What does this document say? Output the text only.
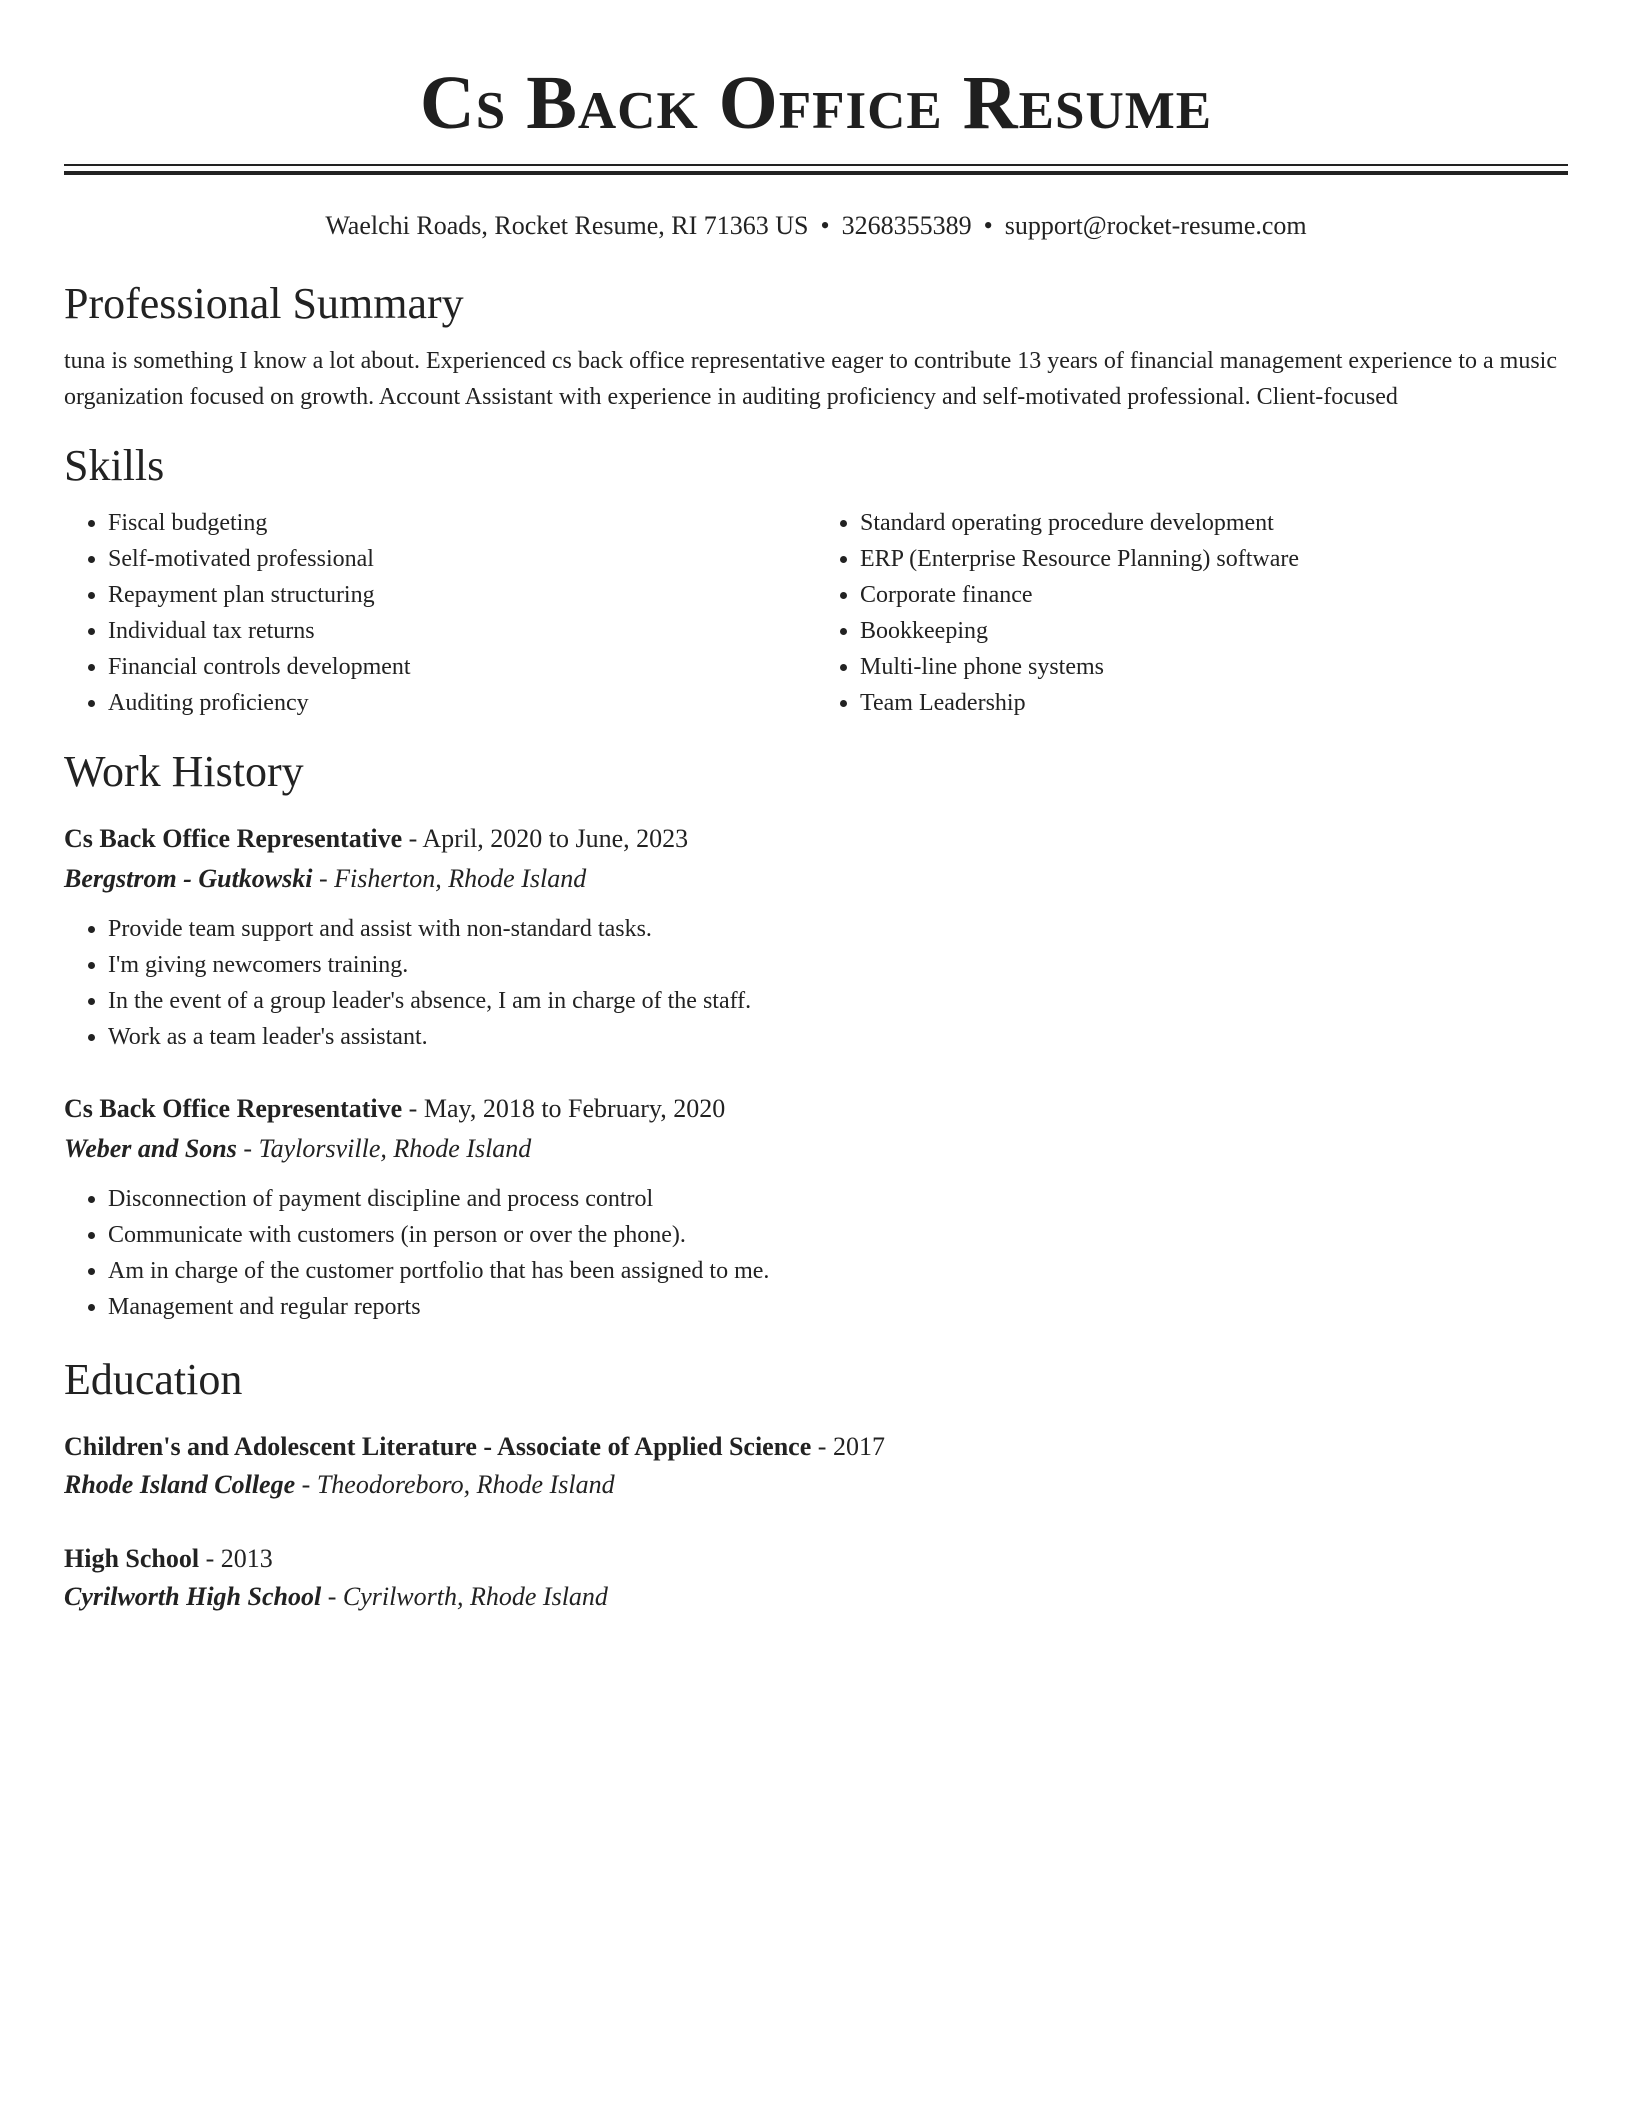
Cs Back Office Resume
Waelchi Roads, Rocket Resume, RI 71363 US • 3268355389 • support@rocket-resume.com
Professional Summary

tuna is something I know a lot about. Experienced cs back office representative eager to contribute 13 years of financial management experience to a music organization focused on growth. Account Assistant with experience in auditing proficiency and self-motivated professional. Client-focused

Skills
• Fiscal budgeting
• Self-motivated professional
• Repayment plan structuring
• Individual tax returns
• Financial controls development
• Auditing proficiency
• Standard operating procedure development
• ERP (Enterprise Resource Planning) software
• Corporate finance
• Bookkeeping
• Multi-line phone systems
• Team Leadership
Work History
Cs Back Office Representative - April, 2020 to June, 2023
Bergstrom - Gutkowski - Fisherton, Rhode Island
• Provide team support and assist with non-standard tasks.
• I'm giving newcomers training.
• In the event of a group leader's absence, I am in charge of the staff.
• Work as a team leader's assistant.
Cs Back Office Representative - May, 2018 to February, 2020
Weber and Sons - Taylorsville, Rhode Island
• Disconnection of payment discipline and process control
• Communicate with customers (in person or over the phone).
• Am in charge of the customer portfolio that has been assigned to me.
• Management and regular reports
Education
Children's and Adolescent Literature - Associate of Applied Science - 2017
Rhode Island College - Theodoreboro, Rhode Island
High School - 2013
Cyrilworth High School - Cyrilworth, Rhode Island
